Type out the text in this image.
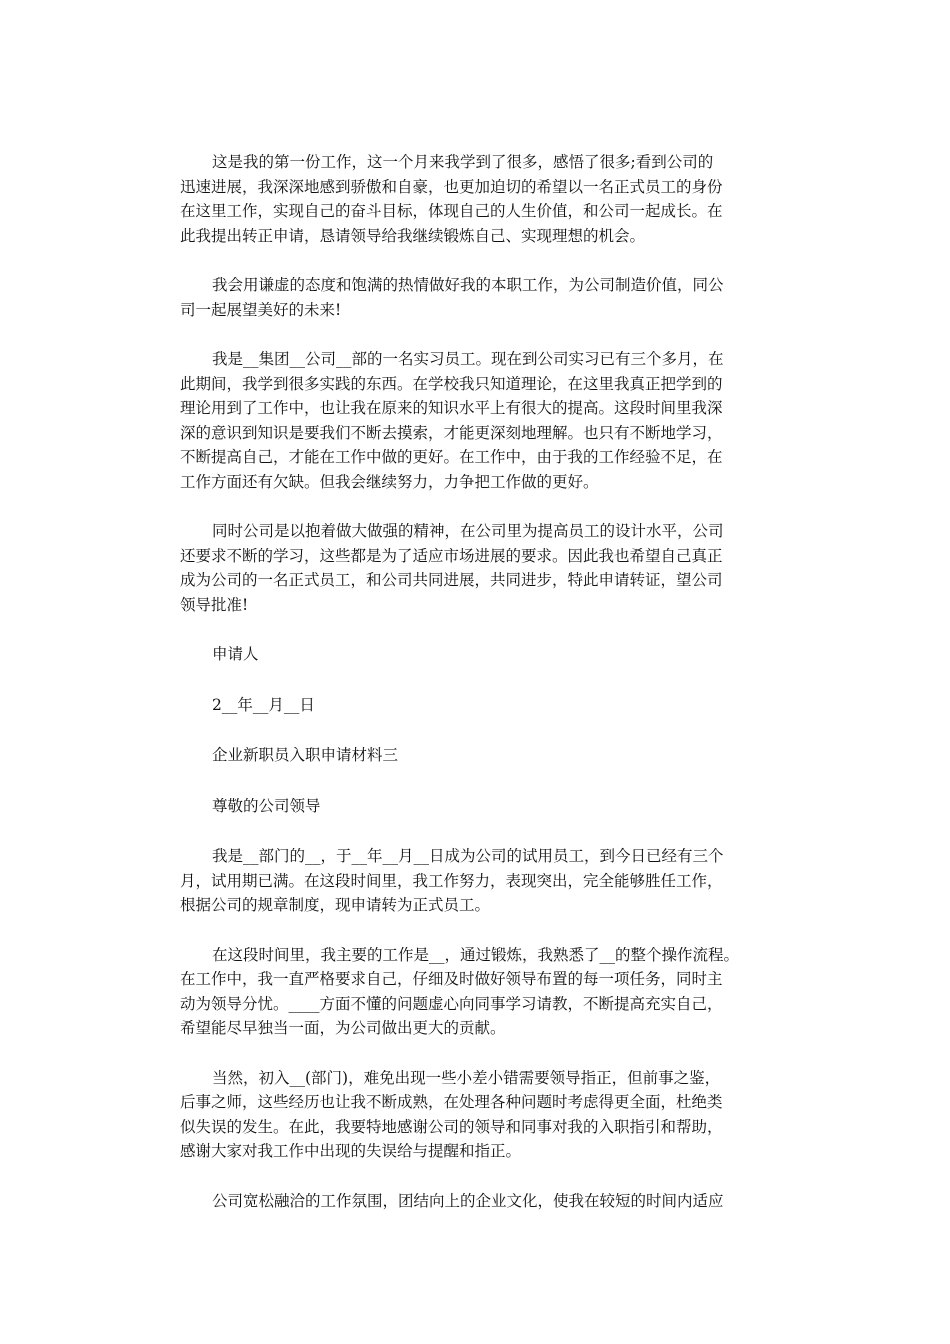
这是我的第一份工作，这一个月来我学到了很多，感悟了很多;看到公司的
迅速进展，我深深地感到骄傲和自豪，也更加迫切的希望以一名正式员工的身份
在这里工作，实现自己的奋斗目标，体现自己的人生价值，和公司一起成长。在
此我提出转正申请，恳请领导给我继续锻炼自己、实现理想的机会。
我会用谦虚的态度和饱满的热情做好我的本职工作，为公司制造价值，同公
司一起展望美好的未来!
我是__集团__公司__部的一名实习员工。现在到公司实习已有三个多月，在
此期间，我学到很多实践的东西。在学校我只知道理论，在这里我真正把学到的
理论用到了工作中，也让我在原来的知识水平上有很大的提高。这段时间里我深
深的意识到知识是要我们不断去摸索，才能更深刻地理解。也只有不断地学习，
不断提高自己，才能在工作中做的更好。在工作中，由于我的工作经验不足，在
工作方面还有欠缺。但我会继续努力，力争把工作做的更好。
同时公司是以抱着做大做强的精神，在公司里为提高员工的设计水平，公司
还要求不断的学习，这些都是为了适应市场进展的要求。因此我也希望自己真正
成为公司的一名正式员工，和公司共同进展，共同进步，特此申请转证，望公司
领导批准!
申请人
2__年__月__日
企业新职员入职申请材料三
尊敬的公司领导
我是__部门的__，于__年__月__日成为公司的试用员工，到今日已经有三个
月，试用期已满。在这段时间里，我工作努力，表现突出，完全能够胜任工作，
根据公司的规章制度，现申请转为正式员工。
在这段时间里，我主要的工作是__，通过锻炼，我熟悉了__的整个操作流程。
在工作中，我一直严格要求自己，仔细及时做好领导布置的每一项任务，同时主
动为领导分忧。____方面不懂的问题虚心向同事学习请教，不断提高充实自己，
希望能尽早独当一面，为公司做出更大的贡献。
当然，初入__(部门)，难免出现一些小差小错需要领导指正，但前事之鉴，
后事之师，这些经历也让我不断成熟，在处理各种问题时考虑得更全面，杜绝类
似失误的发生。在此，我要特地感谢公司的领导和同事对我的入职指引和帮助，
感谢大家对我工作中出现的失误给与提醒和指正。
公司宽松融洽的工作氛围，团结向上的企业文化，使我在较短的时间内适应
